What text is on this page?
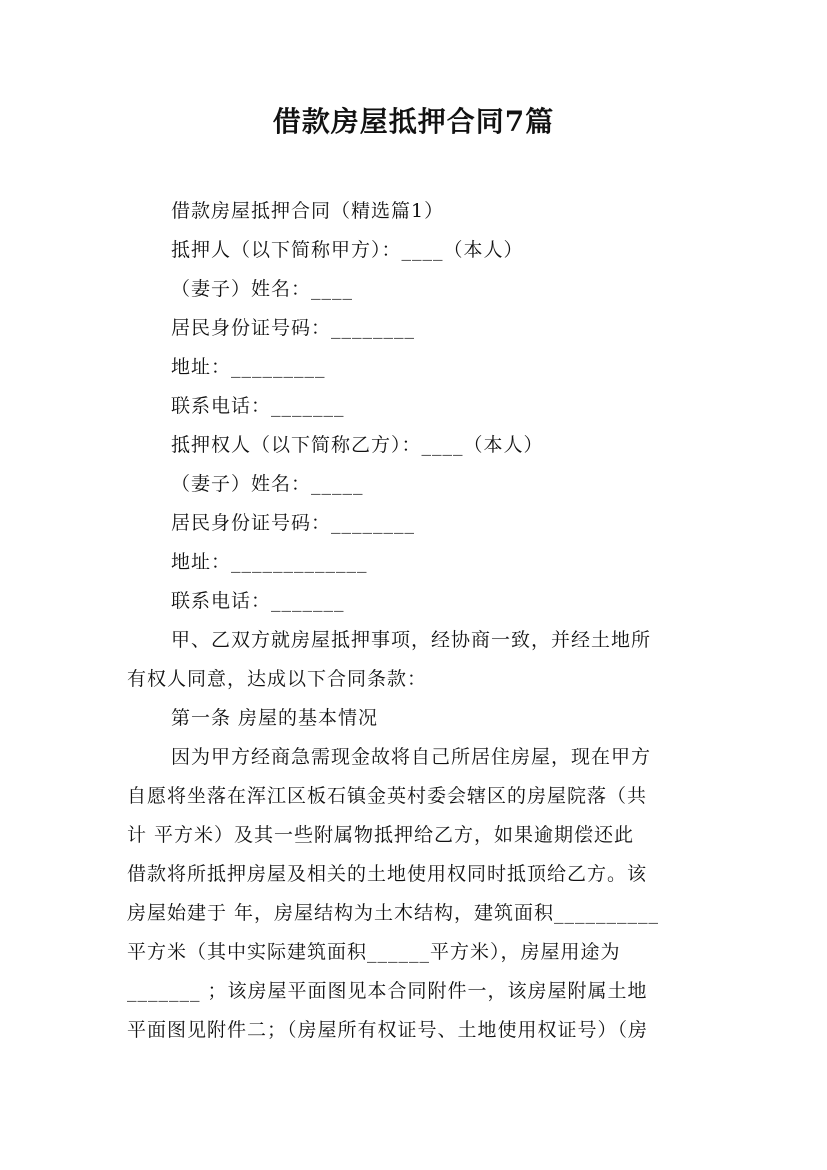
借款房屋抵押合同7篇
借款房屋抵押合同（精选篇1）
抵押人（以下简称甲方）：____（本人）
（妻子）姓名：____
居民身份证号码：________
地址：_________
联系电话：_______
抵押权人（以下简称乙方）：____（本人）
（妻子）姓名：_____
居民身份证号码：________
地址：_____________
联系电话：_______
甲、乙双方就房屋抵押事项，经协商一致，并经土地所
有权人同意，达成以下合同条款：
第一条 房屋的基本情况
因为甲方经商急需现金故将自己所居住房屋，现在甲方
自愿将坐落在浑江区板石镇金英村委会辖区的房屋院落（共
计 平方米）及其一些附属物抵押给乙方，如果逾期偿还此
借款将所抵押房屋及相关的土地使用权同时抵顶给乙方。该
房屋始建于 年，房屋结构为土木结构，建筑面积__________
平方米（其中实际建筑面积______平方米），房屋用途为
_______ ；该房屋平面图见本合同附件一，该房屋附属土地
平面图见附件二；（房屋所有权证号、土地使用权证号）（房
